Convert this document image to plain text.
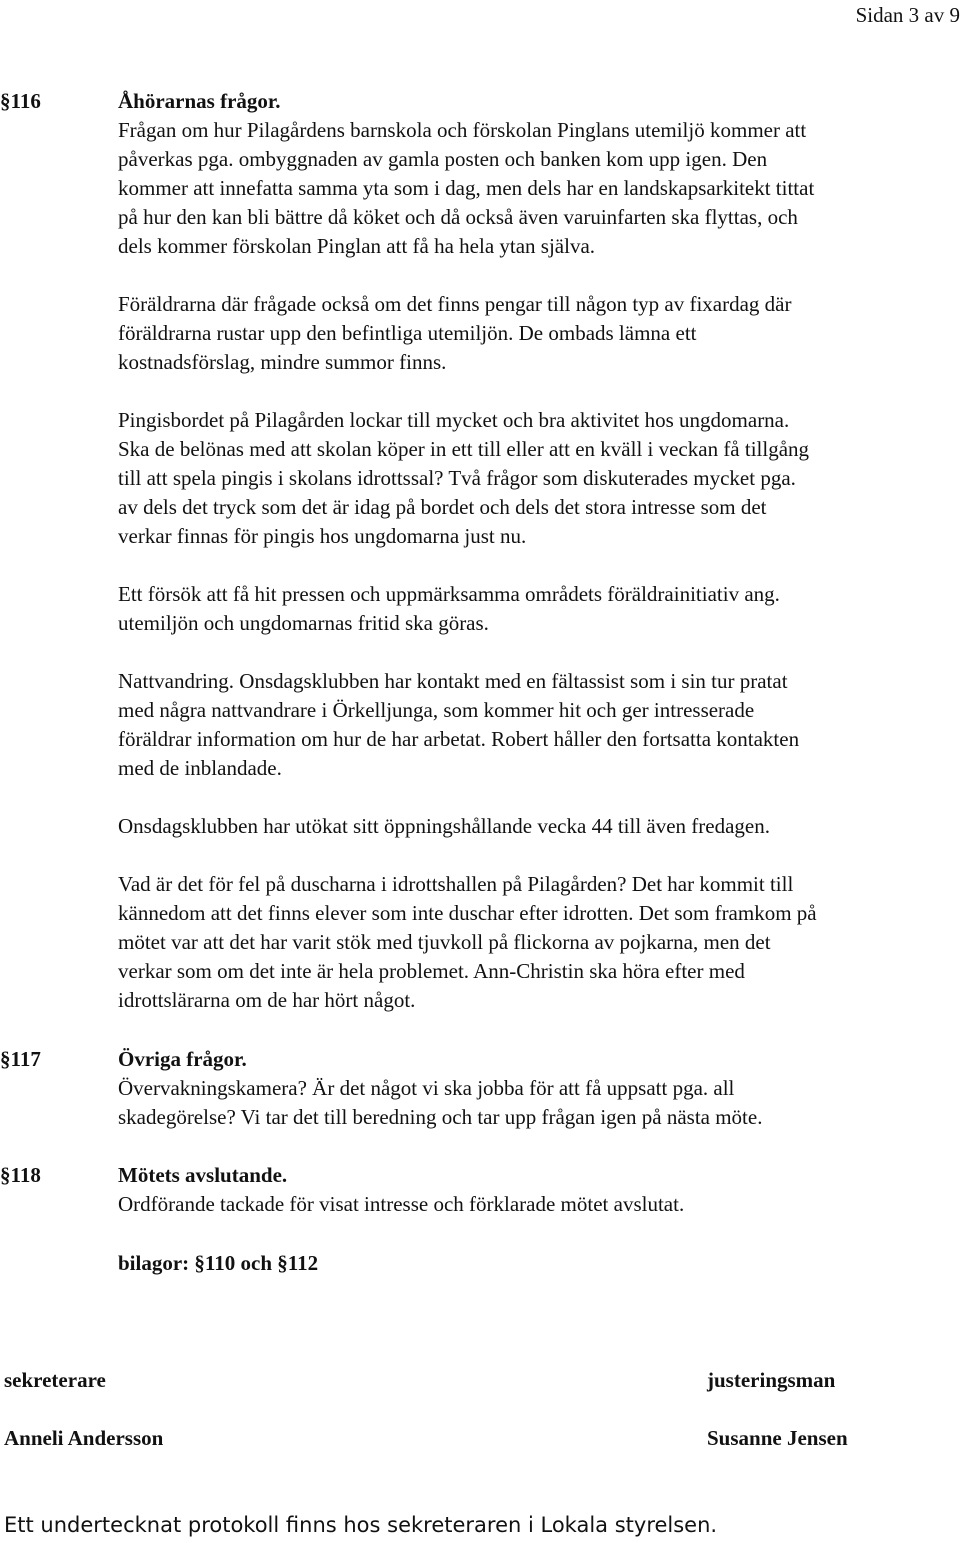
Sidan 3 av 9
§116	Åhörarnas frågor.
Frågan om hur Pilagårdens barnskola och förskolan Pinglans utemiljö kommer att
påverkas pga. ombyggnaden av gamla posten och banken kom upp igen. Den
kommer att innefatta samma yta som i dag, men dels har en landskapsarkitekt tittat
på hur den kan bli bättre då köket och då också även varuinfarten ska flyttas, och
dels kommer förskolan Pinglan att få ha hela ytan själva.
Föräldrarna där frågade också om det finns pengar till någon typ av fixardag där
föräldrarna rustar upp den befintliga utemiljön. De ombads lämna ett
kostnadsförslag, mindre summor finns.
Pingisbordet på Pilagården lockar till mycket och bra aktivitet hos ungdomarna.
Ska de belönas med att skolan köper in ett till eller att en kväll i veckan få tillgång
till att spela pingis i skolans idrottssal? Två frågor som diskuterades mycket pga.
av dels det tryck som det är idag på bordet och dels det stora intresse som det
verkar finnas för pingis hos ungdomarna just nu.
Ett försök att få hit pressen och uppmärksamma områdets föräldrainitiativ ang.
utemiljön och ungdomarnas fritid ska göras.
Nattvandring. Onsdagsklubben har kontakt med en fältassist som i sin tur pratat
med några nattvandrare i Örkelljunga, som kommer hit och ger intresserade
föräldrar information om hur de har arbetat. Robert håller den fortsatta kontakten
med de inblandade.
Onsdagsklubben har utökat sitt öppningshållande vecka 44 till även fredagen.
Vad är det för fel på duscharna i idrottshallen på Pilagården? Det har kommit till
kännedom att det finns elever som inte duschar efter idrotten. Det som framkom på
mötet var att det har varit stök med tjuvkoll på flickorna av pojkarna, men det
verkar som om det inte är hela problemet. Ann-Christin ska höra efter med
idrottslärarna om de har hört något.
§117	Övriga frågor.
Övervakningskamera? Är det något vi ska jobba för att få uppsatt pga. all
skadegörelse? Vi tar det till beredning och tar upp frågan igen på nästa möte.
§118	Mötets avslutande.
Ordförande tackade för visat intresse och förklarade mötet avslutat.
bilagor: §110 och §112
sekreterare	justeringsman
Anneli Andersson	Susanne Jensen
Ett undertecknat protokoll finns hos sekreteraren i Lokala styrelsen.
